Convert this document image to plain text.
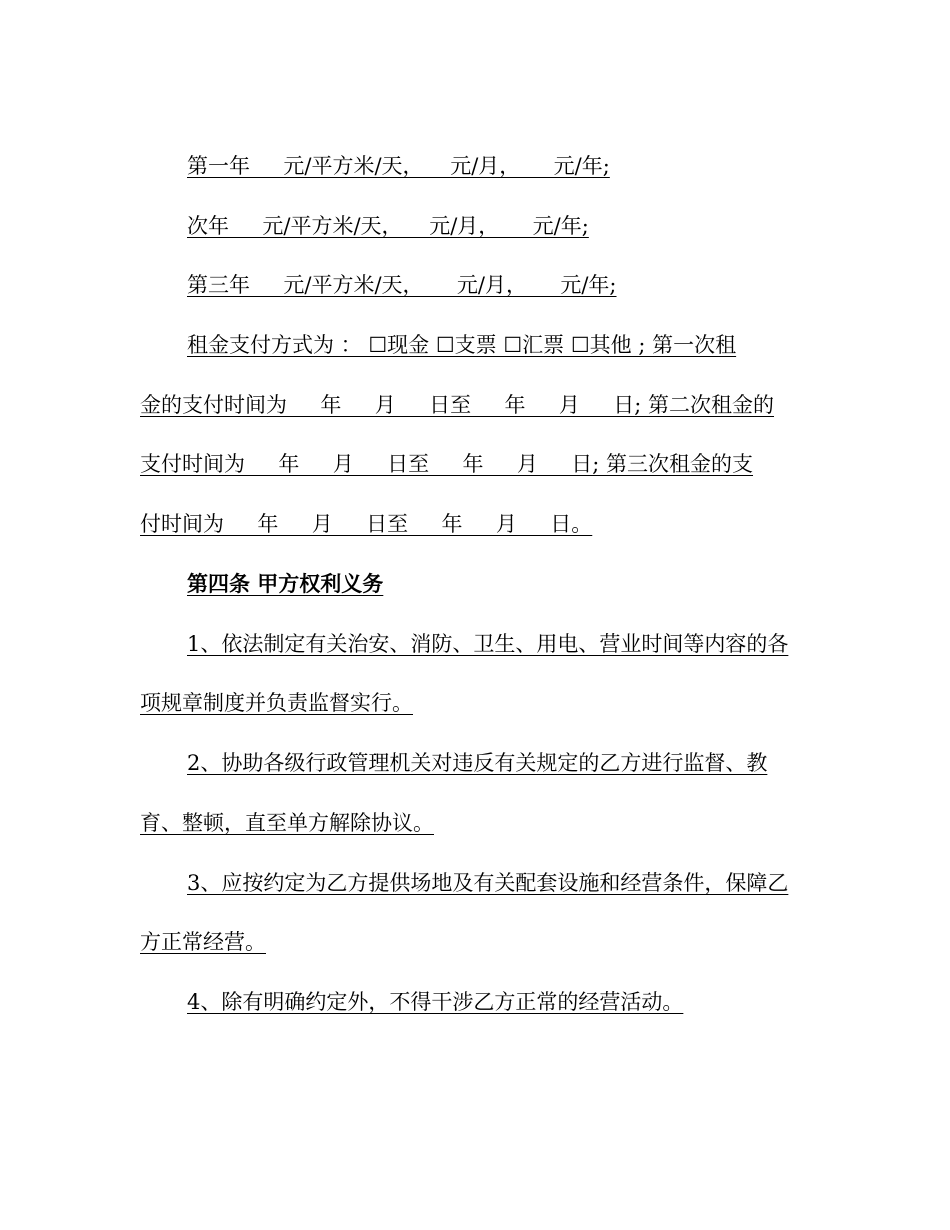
第一年     元/平方米/天，    元/月，     元/年;
次年     元/平方米/天，    元/月，     元/年;
第三年     元/平方米/天，     元/月，     元/年;
租金支付方式为 ： ☐现金 ☐支票 ☐汇票 ☐其他 ; 第一次租
金的支付时间为     年     月     日至     年     月     日; 第二次租金的
支付时间为     年     月     日至     年     月     日; 第三次租金的支
付时间为     年     月     日至     年     月     日。
第四条 甲方权利义务
1、依法制定有关治安、消防、卫生、用电、营业时间等内容的各
项规章制度并负责监督实行。
2、协助各级行政管理机关对违反有关规定的乙方进行监督、教
育、整顿，直至单方解除协议。
3、应按约定为乙方提供场地及有关配套设施和经营条件，保障乙
方正常经营。
4、除有明确约定外，不得干涉乙方正常的经营活动。
